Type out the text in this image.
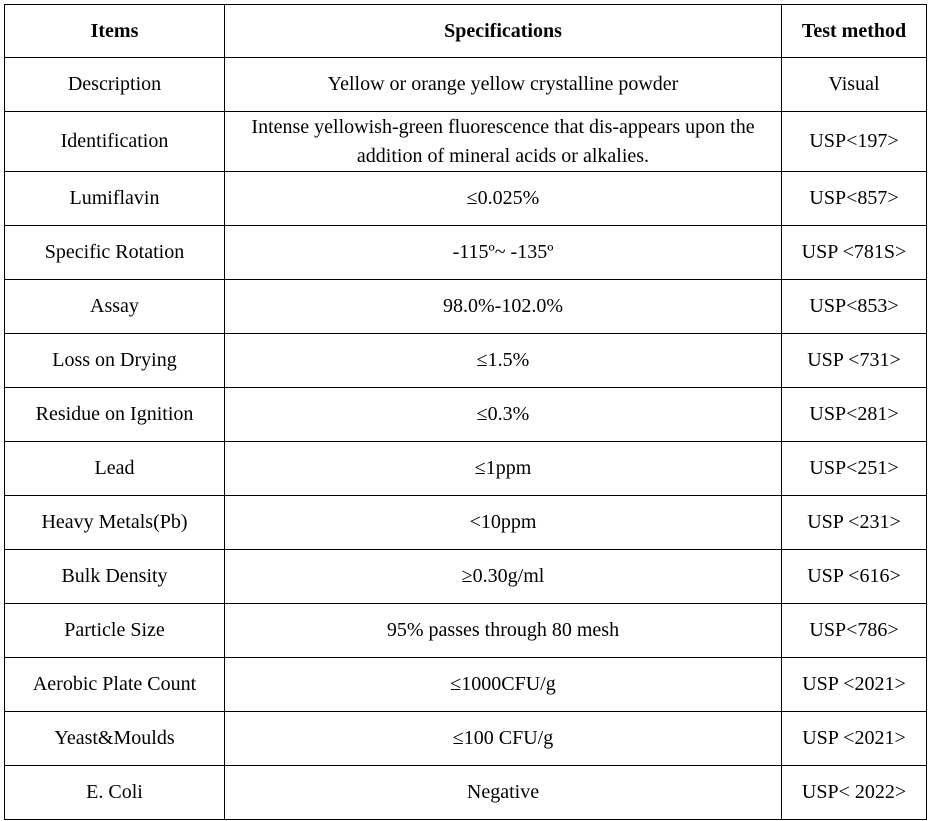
Items	Specifications	Test method
Description	Yellow or orange yellow crystalline powder	Visual
Identification	Intense yellowish-green fluorescence that dis-appears upon the addition of mineral acids or alkalies.	USP<197>
Lumiflavin	≤0.025%	USP<857>
Specific Rotation	-115º~ -135º	USP <781S>
Assay	98.0%-102.0%	USP<853>
Loss on Drying	≤1.5%	USP <731>
Residue on Ignition	≤0.3%	USP<281>
Lead	≤1ppm	USP<251>
Heavy Metals(Pb)	<10ppm	USP <231>
Bulk Density	≥0.30g/ml	USP <616>
Particle Size	95% passes through 80 mesh	USP<786>
Aerobic Plate Count	≤1000CFU/g	USP <2021>
Yeast&Moulds	≤100 CFU/g	USP <2021>
E. Coli	Negative	USP< 2022>
